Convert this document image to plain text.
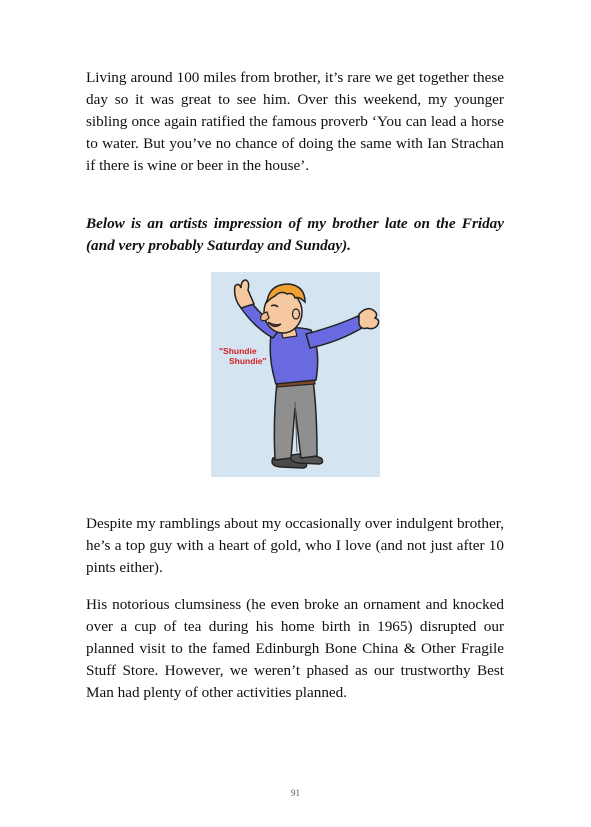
Living around 100 miles from brother, it’s rare we get together these day so it was great to see him. Over this weekend, my younger sibling once again ratified the famous proverb ‘You can lead a horse to water. But you’ve no chance of doing the same with Ian Strachan if there is wine or beer in the house’.

Below is an artists impression of my brother late on the Friday (and very probably Saturday and Sunday).

"Shundie
Shundie"

Despite my ramblings about my occasionally over indulgent brother, he’s a top guy with a heart of gold, who I love (and not just after 10 pints either).

His notorious clumsiness (he even broke an ornament and knocked over a cup of tea during his home birth in 1965) disrupted our planned visit to the famed Edinburgh Bone China & Other Fragile Stuff Store. However, we weren’t phased as our trustworthy Best Man had plenty of other activities planned.

91
